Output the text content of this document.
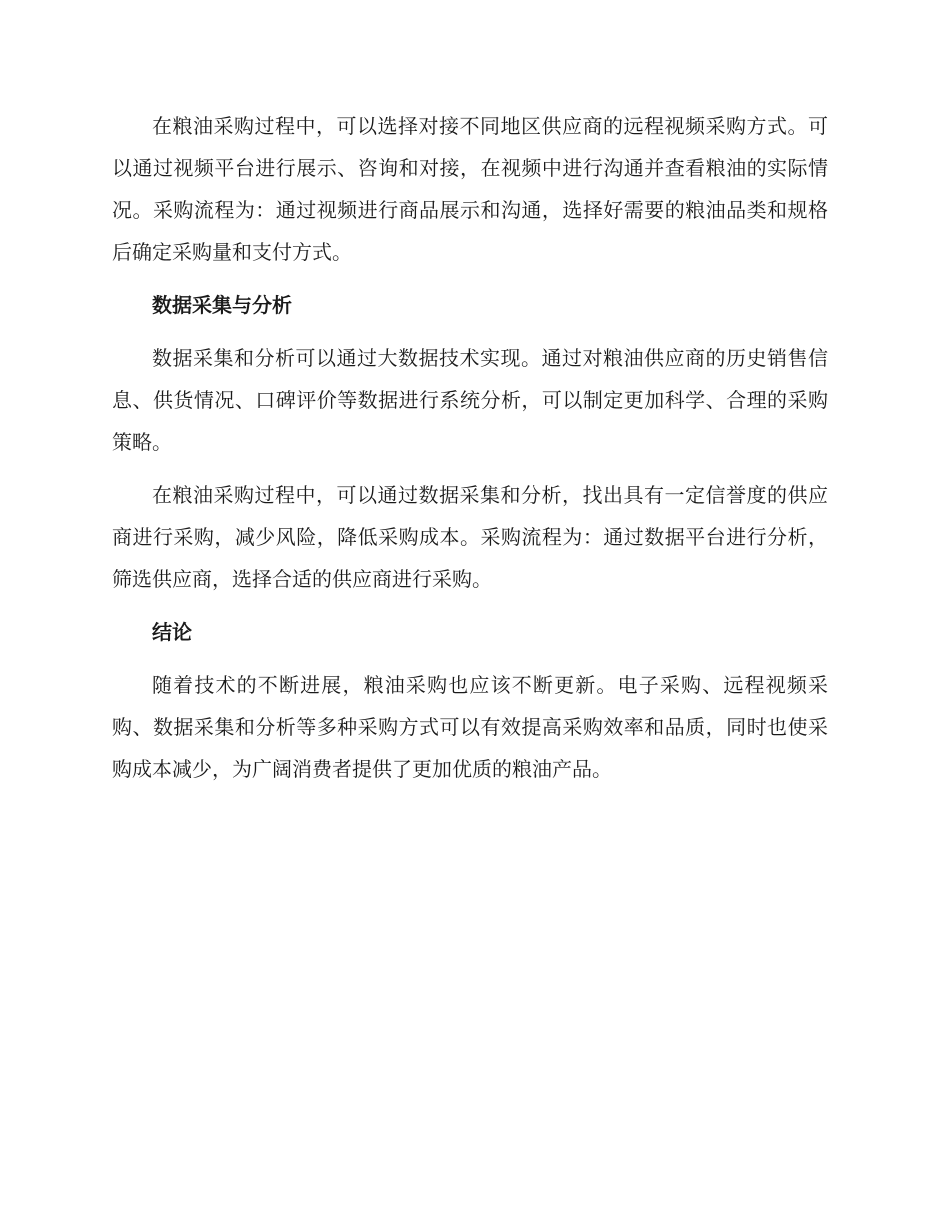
在粮油采购过程中，可以选择对接不同地区供应商的远程视频采购方式。可以通过视频平台进行展示、咨询和对接，在视频中进行沟通并查看粮油的实际情况。采购流程为：通过视频进行商品展示和沟通，选择好需要的粮油品类和规格后确定采购量和支付方式。

数据采集与分析

数据采集和分析可以通过大数据技术实现。通过对粮油供应商的历史销售信息、供货情况、口碑评价等数据进行系统分析，可以制定更加科学、合理的采购策略。

在粮油采购过程中，可以通过数据采集和分析，找出具有一定信誉度的供应商进行采购，减少风险，降低采购成本。采购流程为：通过数据平台进行分析，筛选供应商，选择合适的供应商进行采购。

结论

随着技术的不断进展，粮油采购也应该不断更新。电子采购、远程视频采购、数据采集和分析等多种采购方式可以有效提高采购效率和品质，同时也使采购成本减少，为广阔消费者提供了更加优质的粮油产品。
